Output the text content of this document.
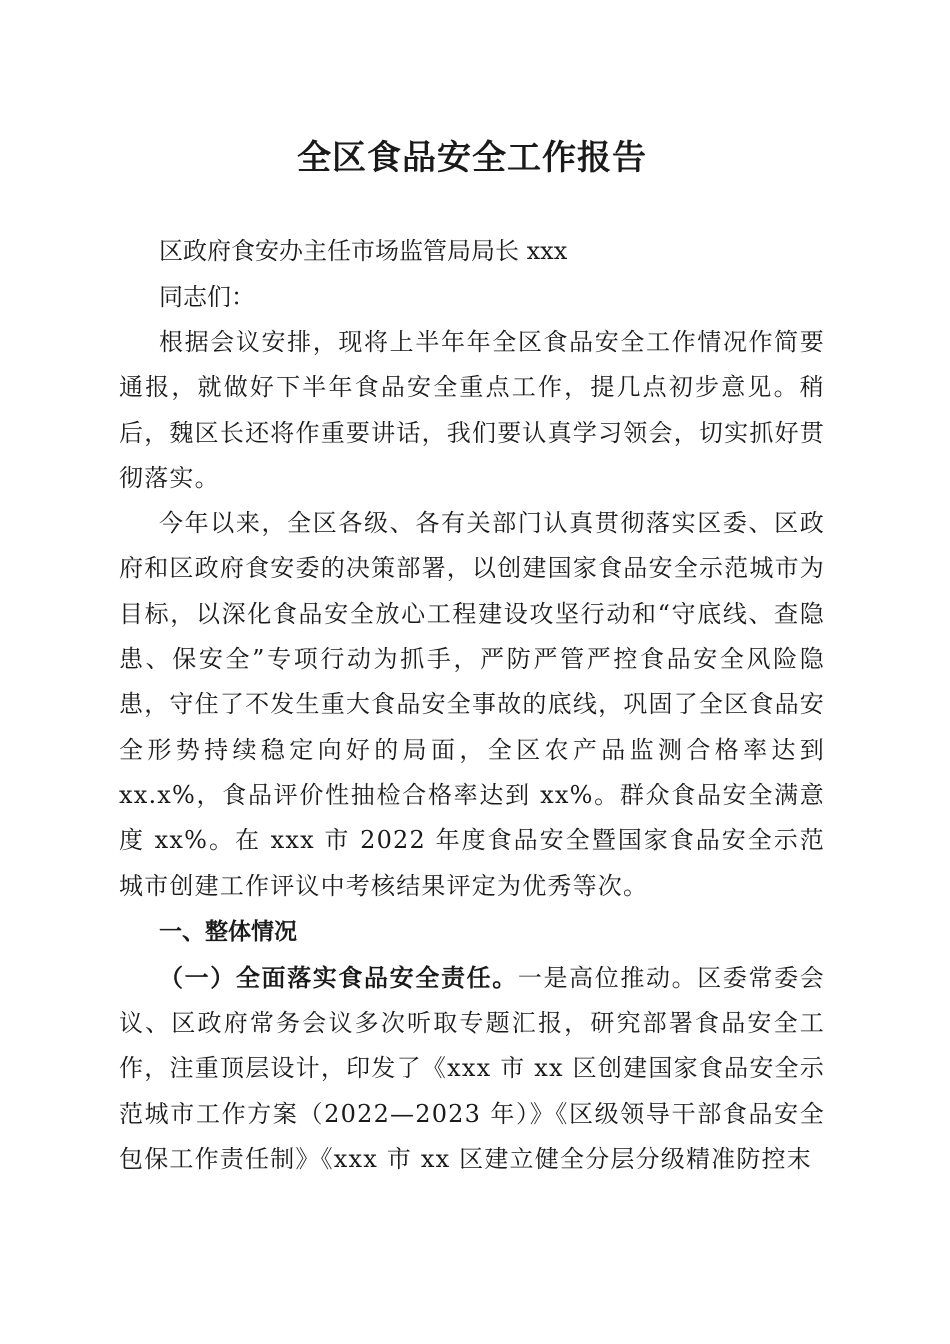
全区食品安全工作报告

区政府食安办主任市场监管局局长 xxx

同志们：

根据会议安排，现将上半年年全区食品安全工作情况作简要通报，就做好下半年食品安全重点工作，提几点初步意见。稍后，魏区长还将作重要讲话，我们要认真学习领会，切实抓好贯彻落实。

今年以来，全区各级、各有关部门认真贯彻落实区委、区政府和区政府食安委的决策部署，以创建国家食品安全示范城市为目标，以深化食品安全放心工程建设攻坚行动和“守底线、查隐患、保安全”专项行动为抓手，严防严管严控食品安全风险隐患，守住了不发生重大食品安全事故的底线，巩固了全区食品安全形势持续稳定向好的局面，全区农产品监测合格率达到 xx.x%，食品评价性抽检合格率达到 xx%。群众食品安全满意度 xx%。在 xxx 市 2022 年度食品安全暨国家食品安全示范城市创建工作评议中考核结果评定为优秀等次。

一、整体情况

（一）全面落实食品安全责任。一是高位推动。区委常委会议、区政府常务会议多次听取专题汇报，研究部署食品安全工作，注重顶层设计，印发了《xxx 市 xx 区创建国家食品安全示范城市工作方案（2022—2023 年）》《区级领导干部食品安全包保工作责任制》《xxx 市 xx 区建立健全分层分级精准防控末
